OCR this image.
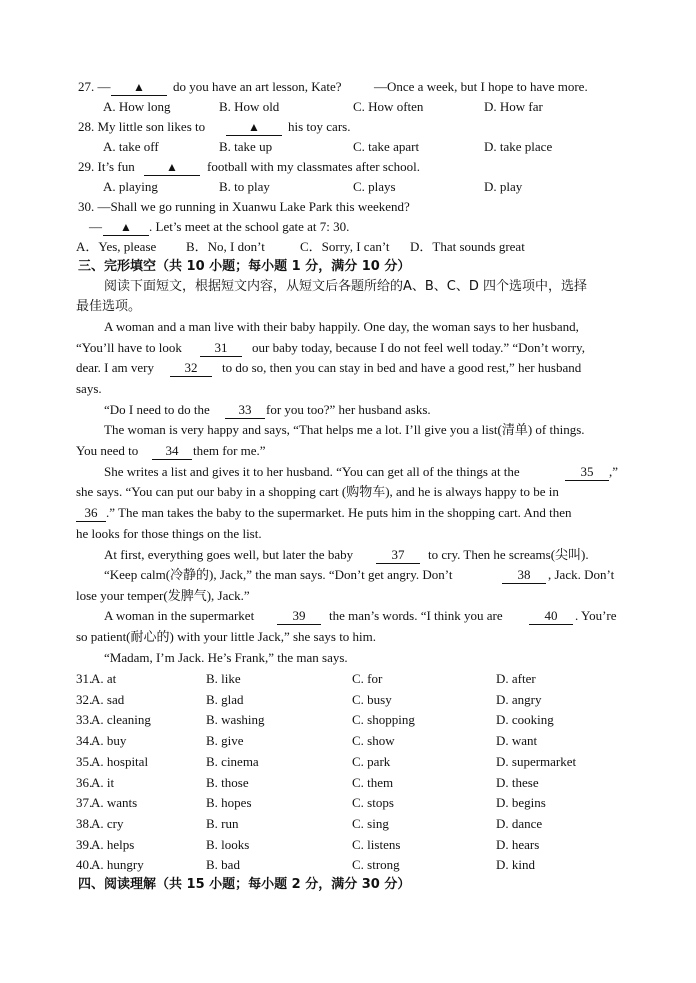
27. —	▲	do you have an art lesson, Kate? —Once a week, but I hope to have more.
A. How long	B. How old	C. How often	D. How far
28. My little son likes to	▲	his toy cars.
A. take off	B. take up	C. take apart	D. take place
29. It’s fun	▲	football with my classmates after school.
A. playing	B. to play	C. plays	D. play
30. —Shall we go running in Xuanwu Lake Park this weekend?
—	▲	. Let’s meet at the school gate at 7: 30.
A．Yes, please B．No, I don’t	C．Sorry, I can’t D．That sounds great
三、完形填空（共 10 小题；每小题 1 分，满分 10 分）
阅读下面短文，根据短文内容，从短文后各题所给的A、B、C、D 四个选项中，选择
最佳选项。
A woman and a man live with their baby happily. One day, the woman says to her husband,
“You’ll have to look	31	our baby today, because I do not feel well today.” “Don’t worry,
dear. I am very	32	to do so, then you can stay in bed and have a good rest,” her husband
says.
“Do I need to do the	33	for you too?” her husband asks.
The woman is very happy and says, “That helps me a lot. I’ll give you a list(清单) of things.
You need to	34	them for me.”
She writes a list and gives it to her husband. “You can get all of the things at the	35	,”
she says. “You can put our baby in a shopping cart (购物车), and he is always happy to be in
36 .” The man takes the baby to the supermarket. He puts him in the shopping cart. And then
he looks for those things on the list.
At first, everything goes well, but later the baby	37	to cry. Then he screams(尖叫).
“Keep calm(冷静的), Jack,” the man says. “Don’t get angry. Don’t	38	, Jack. Don’t
lose your temper(发脾气), Jack.”
A woman in the supermarket	39	the man’s words. “I think you are	40	. You’re
so patient(耐心的) with your little Jack,” she says to him.
“Madam, I’m Jack. He’s Frank,” the man says.
31.
A. at	B. like	C. for	D. after
32.
A. sad	B. glad	C. busy	D. angry
33.
A. cleaning	B. washing	C. shopping	D. cooking
34.
A. buy	B. give	C. show	D. want
35.
A. hospital	B. cinema	C. park	D. supermarket
36.
A. it	B. those	C. them	D. these
37.
A. wants	B. hopes	C. stops	D. begins
38.
A. cry	B. run	C. sing	D. dance
39.
A. helps	B. looks	C. listens	D. hears
40.
A. hungry	B. bad	C. strong	D. kind
四、阅读理解（共 15 小题；每小题 2 分，满分 30 分）
